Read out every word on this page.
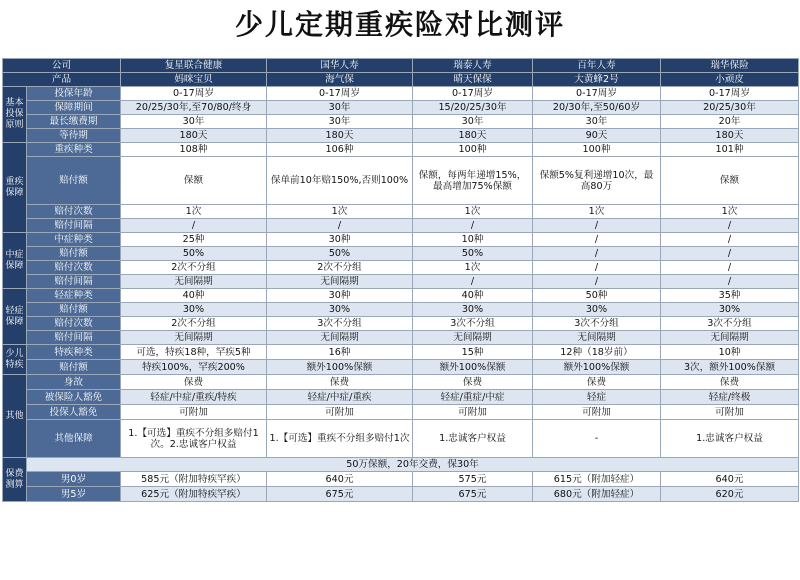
少儿定期重疾险对比测评
公司		复星联合健康	国华人寿	瑞泰人寿	百年人寿	瑞华保险
产品		妈咪宝贝	海气保	晴天保保	大黄蜂2号	小顽皮
基本投保原则	投保年龄	0-17周岁	0-17周岁	0-17周岁	0-17周岁	0-17周岁
	保障期间	20/25/30年,至70/80/终身	30年	15/20/25/30年	20/30年,至50/60岁	20/25/30年
	最长缴费期	30年	30年	30年	30年	20年
	等待期	180天	180天	180天	90天	180天
重疾保障	重疾种类	108种	106种	100种	100种	101种
	赔付额	保额	保单前10年赔150%,否则100%	保额，每两年递增15%，最高增加75%保额	保额5%复利递增10次，最高80万	保额
	赔付次数	1次	1次	1次	1次	1次
	赔付间隔	/	/	/	/	/
中症保障	中症种类	25种	30种	10种	/	/
	赔付额	50%	50%	50%	/	/
	赔付次数	2次不分组	2次不分组	1次	/	/
	赔付间隔	无间隔期	无间隔期	/	/	/
轻症保障	轻症种类	40种	30种	40种	50种	35种
	赔付额	30%	30%	30%	30%	30%
	赔付次数	2次不分组	3次不分组	3次不分组	3次不分组	3次不分组
	赔付间隔	无间隔期	无间隔期	无间隔期	无间隔期	无间隔期
少儿特疾	特疾种类	可选，特疾18种，罕疾5种	16种	15种	12种（18岁前）	10种
	赔付额	特疾100%，罕疾200%	额外100%保额	额外100%保额	额外100%保额	3次，额外100%保额
其他	身故	保费	保费	保费	保费	保费
	被保险人豁免	轻症/中症/重疾/特疾	轻症/中症/重疾	轻症/重症/中症	轻症	轻症/终极
	投保人豁免	可附加	可附加	可附加	可附加	可附加
	其他保障	1.【可选】重疾不分组多赔付1次。2.忠诚客户权益	1.【可选】重疾不分组多赔付1次	1.忠诚客户权益	-	1.忠诚客户权益
保费测算	50万保额，20年交费，保30年					
	男0岁	585元（附加特疾罕疾）	640元	575元	615元（附加轻症）	640元
	男5岁	625元（附加特疾罕疾）	675元	675元	680元（附加轻症）	620元
